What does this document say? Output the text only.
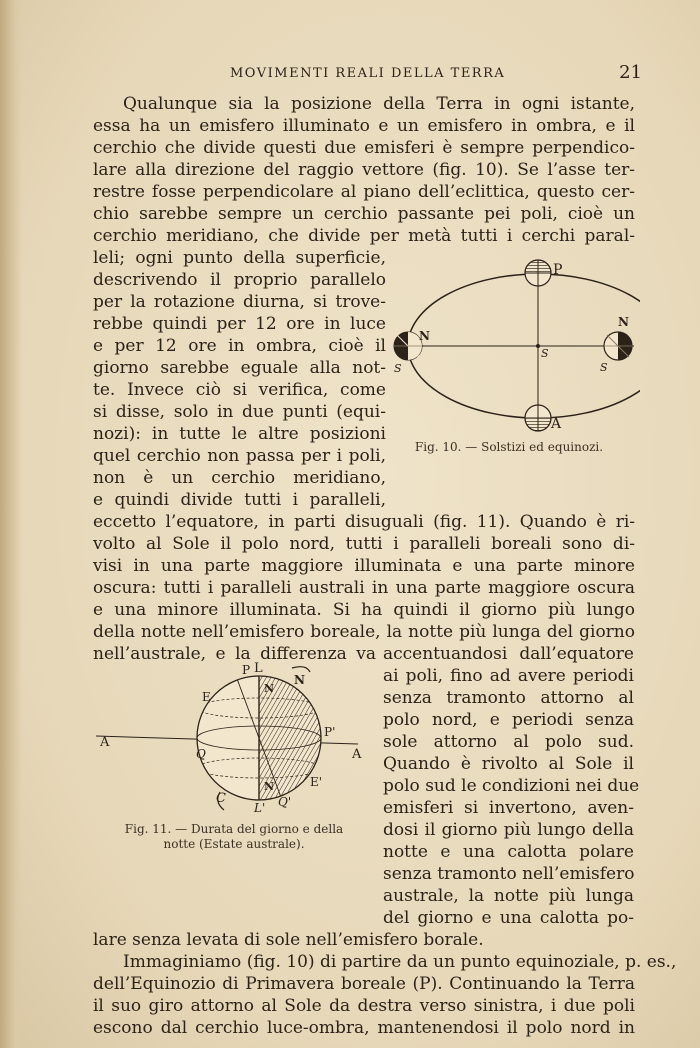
MOVIMENTI REALI DELLA TERRA	21
Qualunque sia la posizione della Terra in ogni istante,
essa ha un emisfero illuminato e un emisfero in ombra, e il
cerchio che divide questi due emisferi è sempre perpendico-
lare alla direzione del raggio vettore (fig. 10). Se l’asse ter-
restre fosse perpendicolare al piano dell’eclittica, questo cer-
chio sarebbe sempre un cerchio passante pei poli, cioè un
cerchio meridiano, che divide per metà tutti i cerchi paral-
leli; ogni punto della superficie,
descrivendo il proprio parallelo
per la rotazione diurna, si trove-
rebbe quindi per 12 ore in luce
e per 12 ore in ombra, cioè il
giorno sarebbe eguale alla not-
te. Invece ciò si verifica, come
si disse, solo in due punti (equi-
nozi): in tutte le altre posizioni
quel cerchio non passa per i poli,
non è un cerchio meridiano,
e quindi divide tutti i paralleli,
P
A
N
S
N
S
S
Fig. 10. — Solstizi ed equinozi.
eccetto l’equatore, in parti disuguali (fig. 11). Quando è ri-
volto al Sole il polo nord, tutti i paralleli boreali sono di-
visi in una parte maggiore illuminata e una parte minore
oscura: tutti i paralleli australi in una parte maggiore oscura
e una minore illuminata. Si ha quindi il giorno più lungo
della notte nell’emisfero boreale, la notte più lunga del giorno
nell’australe, e la differenza va accentuandosi dall’equatore
ai poli, fino ad avere periodi
senza tramonto attorno al
polo nord, e periodi senza
sole attorno al polo sud.
Quando è rivolto al Sole il
polo sud le condizioni nei due
emisferi si invertono, aven-
dosi il giorno più lungo della
notte e una calotta polare
senza tramonto nell’emisfero
australe, la notte più lunga
del giorno e una calotta po-
P L
N
E
A
A
P'
Q
E'
C
L' Q'
N
N
Fig. 11. — Durata del giorno e della
notte (Estate australe).
lare senza levata di sole nell’emisfero borale.
Immaginiamo (fig. 10) di partire da un punto equinoziale, p. es.,
dell’Equinozio di Primavera boreale (P). Continuando la Terra
il suo giro attorno al Sole da destra verso sinistra, i due poli
escono dal cerchio luce-ombra, mantenendosi il polo nord in
